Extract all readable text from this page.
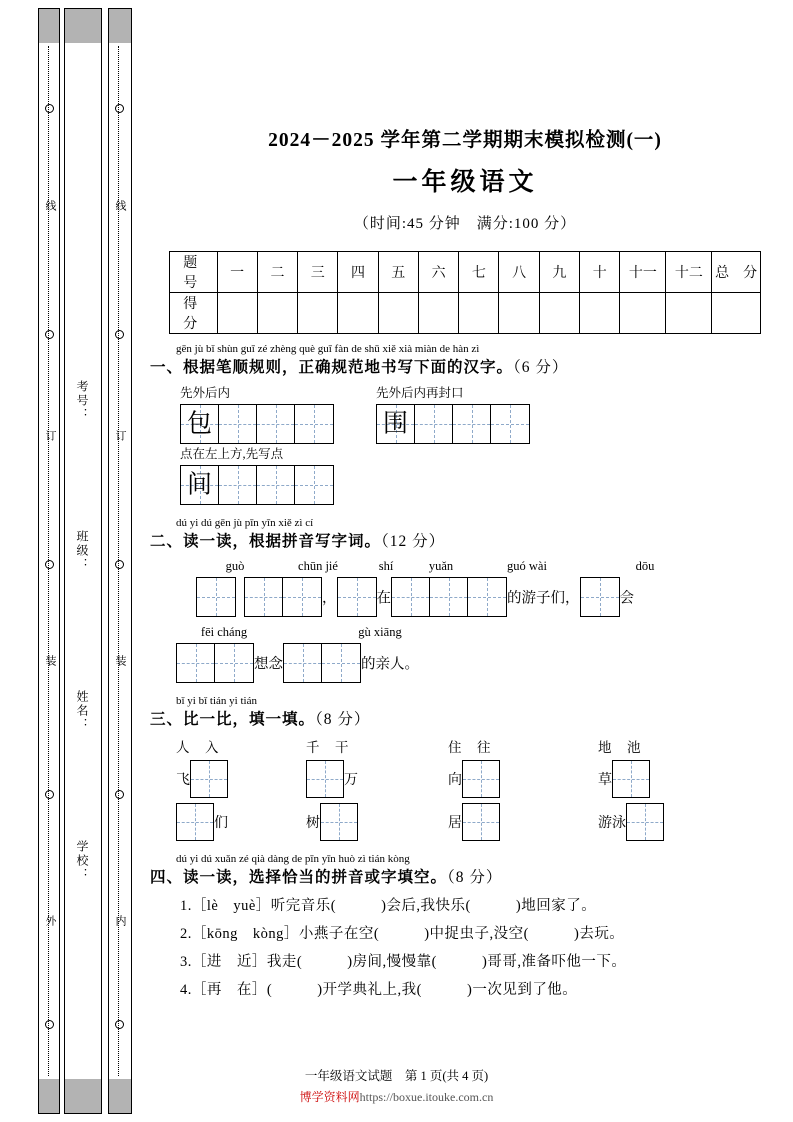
线
订
装
外
线
订
装
内
考号：
班级：
姓名：
学校：
2024－2025 学年第二学期期末模拟检测(一)
一年级语文
（时间:45 分钟　满分:100 分）
题　号	一	二	三	四	五	六	七	八	九	十	十一	十二	总　分
得　分													
gēn jù bǐ shùn guī zé zhèng què guī fàn de shū xiě xià miàn de hàn zì
一、根据笔顺规则，正确规范地书写下面的汉字。（6 分）
先外后内
包

先外后内再封口
围

点在左上方,先写点
间
dú yi dú gēn jù pīn yīn xiě zì cí
二、读一读，根据拼音写字词。（12 分）
guò	chūn jié	shí	yuǎn	guó wài	dōu
，	在	的游子们，	会
fēi cháng	gù xiāng
想念	的亲人。
bǐ yi bǐ tián yi tián
三、比一比，填一填。（8 分）
人　入	千　干	住　往	地　池
飞	万	向	草
们	树	居	游泳
dú yi dú xuǎn zé qià dàng de pīn yīn huò zì tián kòng
四、读一读，选择恰当的拼音或字填空。（8 分）
1.［lè　yuè］听完音乐(　　　)会后,我快乐(　　　)地回家了。
2.［kōng　kòng］小燕子在空(　　　)中捉虫子,没空(　　　)去玩。
3.［进　近］我走(　　　)房间,慢慢靠(　　　)哥哥,准备吓他一下。
4.［再　在］(　　　)开学典礼上,我(　　　)一次见到了他。
一年级语文试题　第 1 页(共 4 页)
博学资料网https://boxue.itouke.com.cn
